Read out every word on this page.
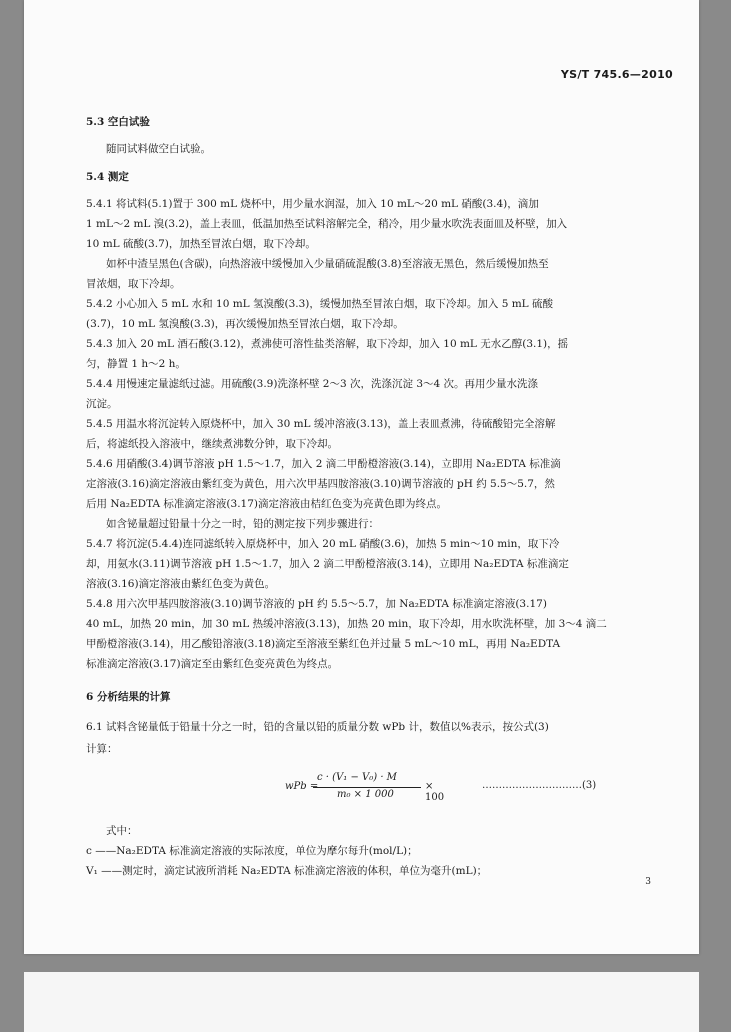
YS/T 745.6—2010
5.3 空白试验
随同试料做空白试验。
5.4 测定
5.4.1 将试料(5.1)置于 300 mL 烧杯中，用少量水润湿，加入 10 mL～20 mL 硝酸(3.4)，滴加
1 mL～2 mL 溴(3.2)，盖上表皿，低温加热至试料溶解完全，稍冷，用少量水吹洗表面皿及杯壁，加入
10 mL 硫酸(3.7)，加热至冒浓白烟，取下冷却。
如杯中渣呈黑色(含碳)，向热溶液中缓慢加入少量硝硫混酸(3.8)至溶液无黑色，然后缓慢加热至
冒浓烟，取下冷却。
5.4.2 小心加入 5 mL 水和 10 mL 氢溴酸(3.3)，缓慢加热至冒浓白烟，取下冷却。加入 5 mL 硫酸
(3.7)，10 mL 氢溴酸(3.3)，再次缓慢加热至冒浓白烟，取下冷却。
5.4.3 加入 20 mL 酒石酸(3.12)，煮沸使可溶性盐类溶解，取下冷却，加入 10 mL 无水乙醇(3.1)，摇
匀，静置 1 h～2 h。
5.4.4 用慢速定量滤纸过滤。用硫酸(3.9)洗涤杯壁 2～3 次，洗涤沉淀 3～4 次。再用少量水洗涤
沉淀。
5.4.5 用温水将沉淀转入原烧杯中，加入 30 mL 缓冲溶液(3.13)，盖上表皿煮沸，待硫酸铅完全溶解
后，将滤纸投入溶液中，继续煮沸数分钟，取下冷却。
5.4.6 用硝酸(3.4)调节溶液 pH 1.5～1.7，加入 2 滴二甲酚橙溶液(3.14)，立即用 Na₂EDTA 标准滴
定溶液(3.16)滴定溶液由紫红变为黄色，用六次甲基四胺溶液(3.10)调节溶液的 pH 约 5.5～5.7，然
后用 Na₂EDTA 标准滴定溶液(3.17)滴定溶液由桔红色变为亮黄色即为终点。
如含铋量超过铅量十分之一时，铅的测定按下列步骤进行：
5.4.7 将沉淀(5.4.4)连同滤纸转入原烧杯中，加入 20 mL 硝酸(3.6)，加热 5 min～10 min，取下冷
却，用氨水(3.11)调节溶液 pH 1.5～1.7，加入 2 滴二甲酚橙溶液(3.14)，立即用 Na₂EDTA 标准滴定
溶液(3.16)滴定溶液由紫红色变为黄色。
5.4.8 用六次甲基四胺溶液(3.10)调节溶液的 pH 约 5.5～5.7，加 Na₂EDTA 标准滴定溶液(3.17)
40 mL，加热 20 min，加 30 mL 热缓冲溶液(3.13)，加热 20 min，取下冷却，用水吹洗杯壁，加 3～4 滴二
甲酚橙溶液(3.14)，用乙酸铅溶液(3.18)滴定至溶液至紫红色并过量 5 mL～10 mL，再用 Na₂EDTA
标准滴定溶液(3.17)滴定至由紫红色变亮黄色为终点。
6 分析结果的计算
6.1 试料含铋量低于铅量十分之一时，铅的含量以铅的质量分数 wPb 计，数值以%表示，按公式(3)
计算：
式中：
c ——Na₂EDTA 标准滴定溶液的实际浓度，单位为摩尔每升(mol/L)；
V₁ ——测定时，滴定试液所消耗 Na₂EDTA 标准滴定溶液的体积，单位为毫升(mL)；
wPb =
c · (V₁ − V₀) · M
m₀ × 1 000
× 100
…………………………(3)
3
